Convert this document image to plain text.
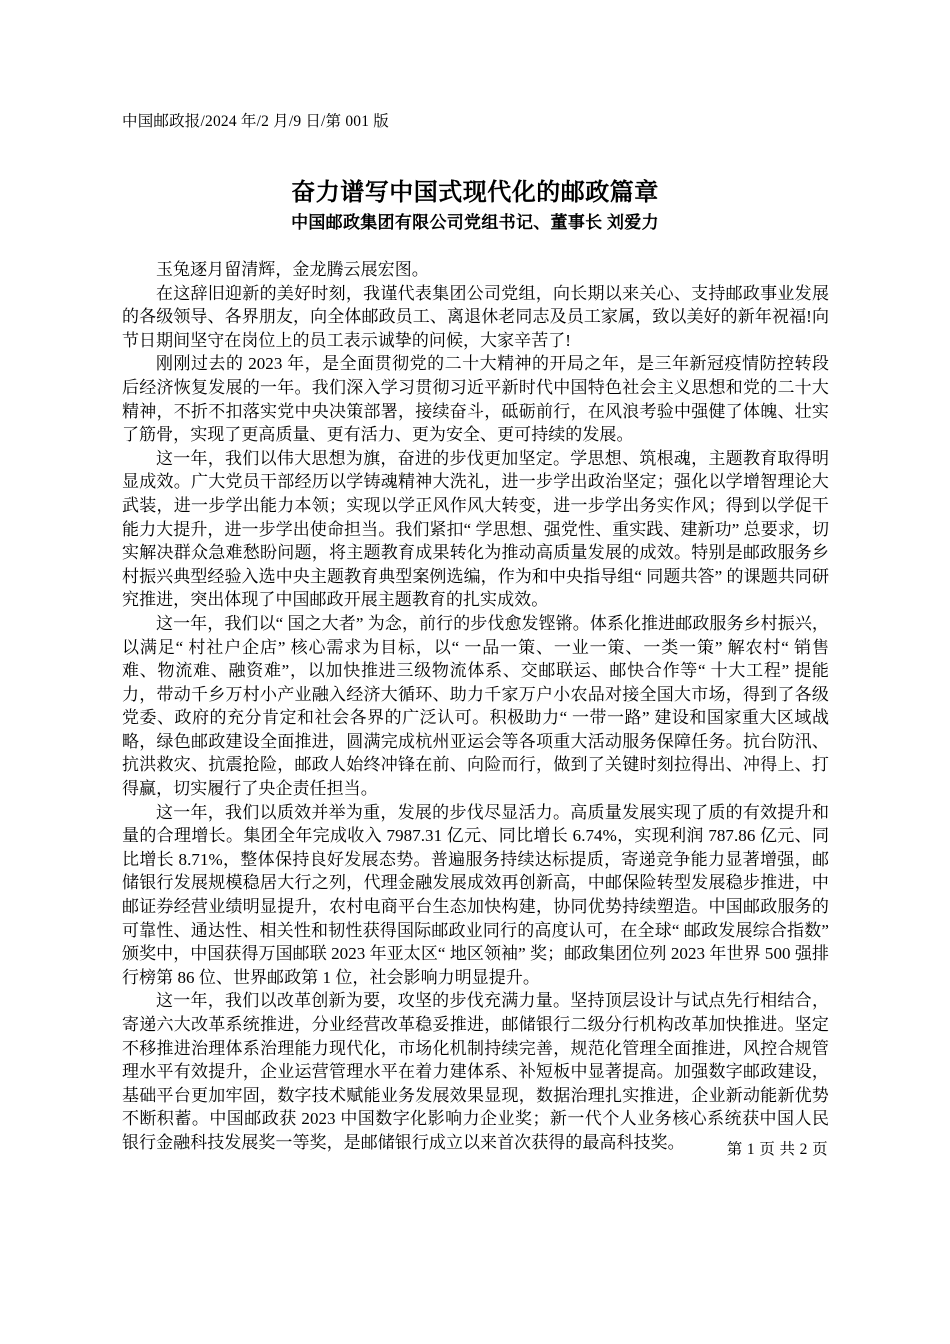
中国邮政报/2024 年/2 月/9 日/第 001 版
奋力谱写中国式现代化的邮政篇章
中国邮政集团有限公司党组书记、董事长 刘爱力

玉兔逐月留清辉，金龙腾云展宏图。

在这辞旧迎新的美好时刻，我谨代表集团公司党组，向长期以来关心、支持邮政事业发展的各级领导、各界朋友，向全体邮政员工、离退休老同志及员工家属，致以美好的新年祝福!向节日期间坚守在岗位上的员工表示诚挚的问候，大家辛苦了!

刚刚过去的 2023 年，是全面贯彻党的二十大精神的开局之年，是三年新冠疫情防控转段后经济恢复发展的一年。我们深入学习贯彻习近平新时代中国特色社会主义思想和党的二十大精神，不折不扣落实党中央决策部署，接续奋斗，砥砺前行，在风浪考验中强健了体魄、壮实了筋骨，实现了更高质量、更有活力、更为安全、更可持续的发展。

这一年，我们以伟大思想为旗，奋进的步伐更加坚定。学思想、筑根魂，主题教育取得明显成效。广大党员干部经历以学铸魂精神大洗礼，进一步学出政治坚定；强化以学增智理论大武装，进一步学出能力本领；实现以学正风作风大转变，进一步学出务实作风；得到以学促干能力大提升，进一步学出使命担当。我们紧扣“ 学思想、强党性、重实践、建新功” 总要求，切实解决群众急难愁盼问题，将主题教育成果转化为推动高质量发展的成效。特别是邮政服务乡村振兴典型经验入选中央主题教育典型案例选编，作为和中央指导组“ 同题共答” 的课题共同研究推进，突出体现了中国邮政开展主题教育的扎实成效。

这一年，我们以“ 国之大者” 为念，前行的步伐愈发铿锵。体系化推进邮政服务乡村振兴，以满足“ 村社户企店” 核心需求为目标，以“ 一品一策、一业一策、一类一策” 解农村“ 销售难、物流难、融资难”，以加快推进三级物流体系、交邮联运、邮快合作等“ 十大工程” 提能力，带动千乡万村小产业融入经济大循环、助力千家万户小农品对接全国大市场，得到了各级党委、政府的充分肯定和社会各界的广泛认可。积极助力“ 一带一路” 建设和国家重大区域战略，绿色邮政建设全面推进，圆满完成杭州亚运会等各项重大活动服务保障任务。抗台防汛、抗洪救灾、抗震抢险，邮政人始终冲锋在前、向险而行，做到了关键时刻拉得出、冲得上、打得赢，切实履行了央企责任担当。

这一年，我们以质效并举为重，发展的步伐尽显活力。高质量发展实现了质的有效提升和量的合理增长。集团全年完成收入 7987.31 亿元、同比增长 6.74%，实现利润 787.86 亿元、同比增长 8.71%，整体保持良好发展态势。普遍服务持续达标提质，寄递竞争能力显著增强，邮储银行发展规模稳居大行之列，代理金融发展成效再创新高，中邮保险转型发展稳步推进，中邮证券经营业绩明显提升，农村电商平台生态加快构建，协同优势持续塑造。中国邮政服务的可靠性、通达性、相关性和韧性获得国际邮政业同行的高度认可，在全球“ 邮政发展综合指数” 颁奖中，中国获得万国邮联 2023 年亚太区“ 地区领袖” 奖；邮政集团位列 2023 年世界 500 强排行榜第 86 位、世界邮政第 1 位，社会影响力明显提升。

这一年，我们以改革创新为要，攻坚的步伐充满力量。坚持顶层设计与试点先行相结合，寄递六大改革系统推进，分业经营改革稳妥推进，邮储银行二级分行机构改革加快推进。坚定不移推进治理体系治理能力现代化，市场化机制持续完善，规范化管理全面推进，风控合规管理水平有效提升，企业运营管理水平在着力建体系、补短板中显著提高。加强数字邮政建设，基础平台更加牢固，数字技术赋能业务发展效果显现，数据治理扎实推进，企业新动能新优势不断积蓄。中国邮政获 2023 中国数字化影响力企业奖；新一代个人业务核心系统获中国人民银行金融科技发展奖一等奖，是邮储银行成立以来首次获得的最高科技奖。	第 1 页 共 2 页
